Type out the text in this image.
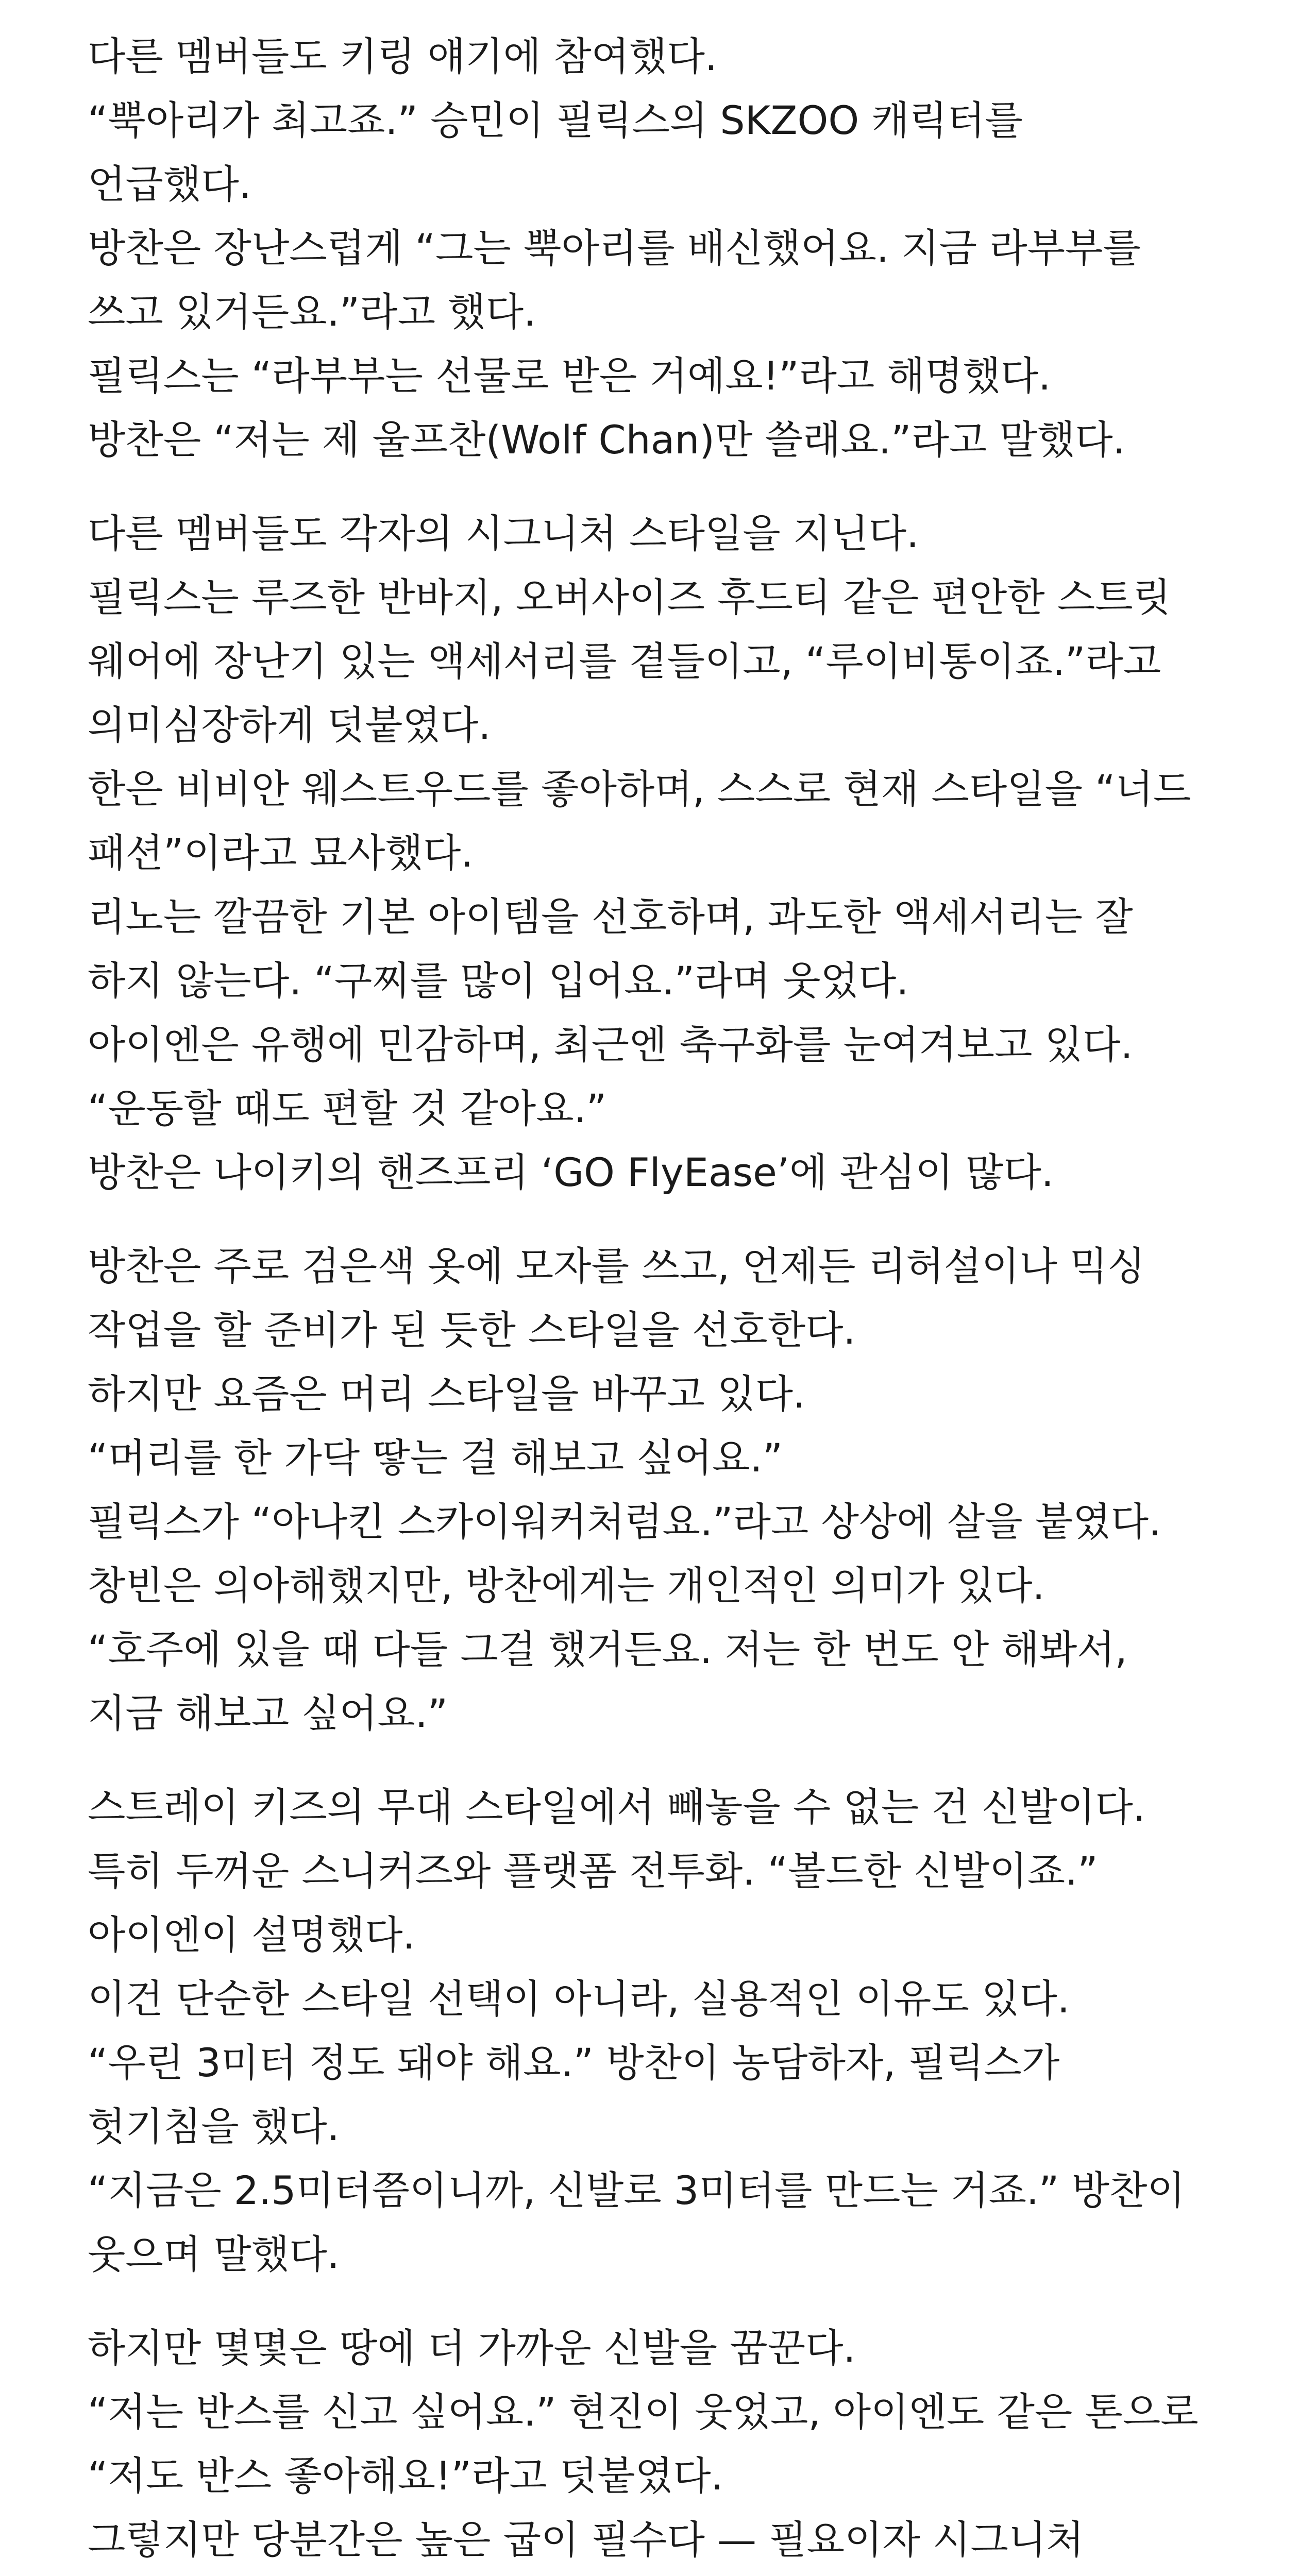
다른 멤버들도 키링 얘기에 참여했다.
“뿍아리가 최고죠.” 승민이 필릭스의 SKZOO 캐릭터를
언급했다.
방찬은 장난스럽게 “그는 뿍아리를 배신했어요. 지금 라부부를
쓰고 있거든요.”라고 했다.
필릭스는 “라부부는 선물로 받은 거예요!”라고 해명했다.
방찬은 “저는 제 울프찬(Wolf Chan)만 쓸래요.”라고 말했다.
다른 멤버들도 각자의 시그니처 스타일을 지닌다.
필릭스는 루즈한 반바지, 오버사이즈 후드티 같은 편안한 스트릿
웨어에 장난기 있는 액세서리를 곁들이고, “루이비통이죠.”라고
의미심장하게 덧붙였다.
한은 비비안 웨스트우드를 좋아하며, 스스로 현재 스타일을 “너드
패션”이라고 묘사했다.
리노는 깔끔한 기본 아이템을 선호하며, 과도한 액세서리는 잘
하지 않는다. “구찌를 많이 입어요.”라며 웃었다.
아이엔은 유행에 민감하며, 최근엔 축구화를 눈여겨보고 있다.
“운동할 때도 편할 것 같아요.”
방찬은 나이키의 핸즈프리 ‘GO FlyEase’에 관심이 많다.
방찬은 주로 검은색 옷에 모자를 쓰고, 언제든 리허설이나 믹싱
작업을 할 준비가 된 듯한 스타일을 선호한다.
하지만 요즘은 머리 스타일을 바꾸고 있다.
“머리를 한 가닥 땋는 걸 해보고 싶어요.”
필릭스가 “아나킨 스카이워커처럼요.”라고 상상에 살을 붙였다.
창빈은 의아해했지만, 방찬에게는 개인적인 의미가 있다.
“호주에 있을 때 다들 그걸 했거든요. 저는 한 번도 안 해봐서,
지금 해보고 싶어요.”
스트레이 키즈의 무대 스타일에서 빼놓을 수 없는 건 신발이다.
특히 두꺼운 스니커즈와 플랫폼 전투화. “볼드한 신발이죠.”
아이엔이 설명했다.
이건 단순한 스타일 선택이 아니라, 실용적인 이유도 있다.
“우린 3미터 정도 돼야 해요.” 방찬이 농담하자, 필릭스가
헛기침을 했다.
“지금은 2.5미터쯤이니까, 신발로 3미터를 만드는 거죠.” 방찬이
웃으며 말했다.
하지만 몇몇은 땅에 더 가까운 신발을 꿈꾼다.
“저는 반스를 신고 싶어요.” 현진이 웃었고, 아이엔도 같은 톤으로
“저도 반스 좋아해요!”라고 덧붙였다.
그렇지만 당분간은 높은 굽이 필수다 — 필요이자 시그니처
